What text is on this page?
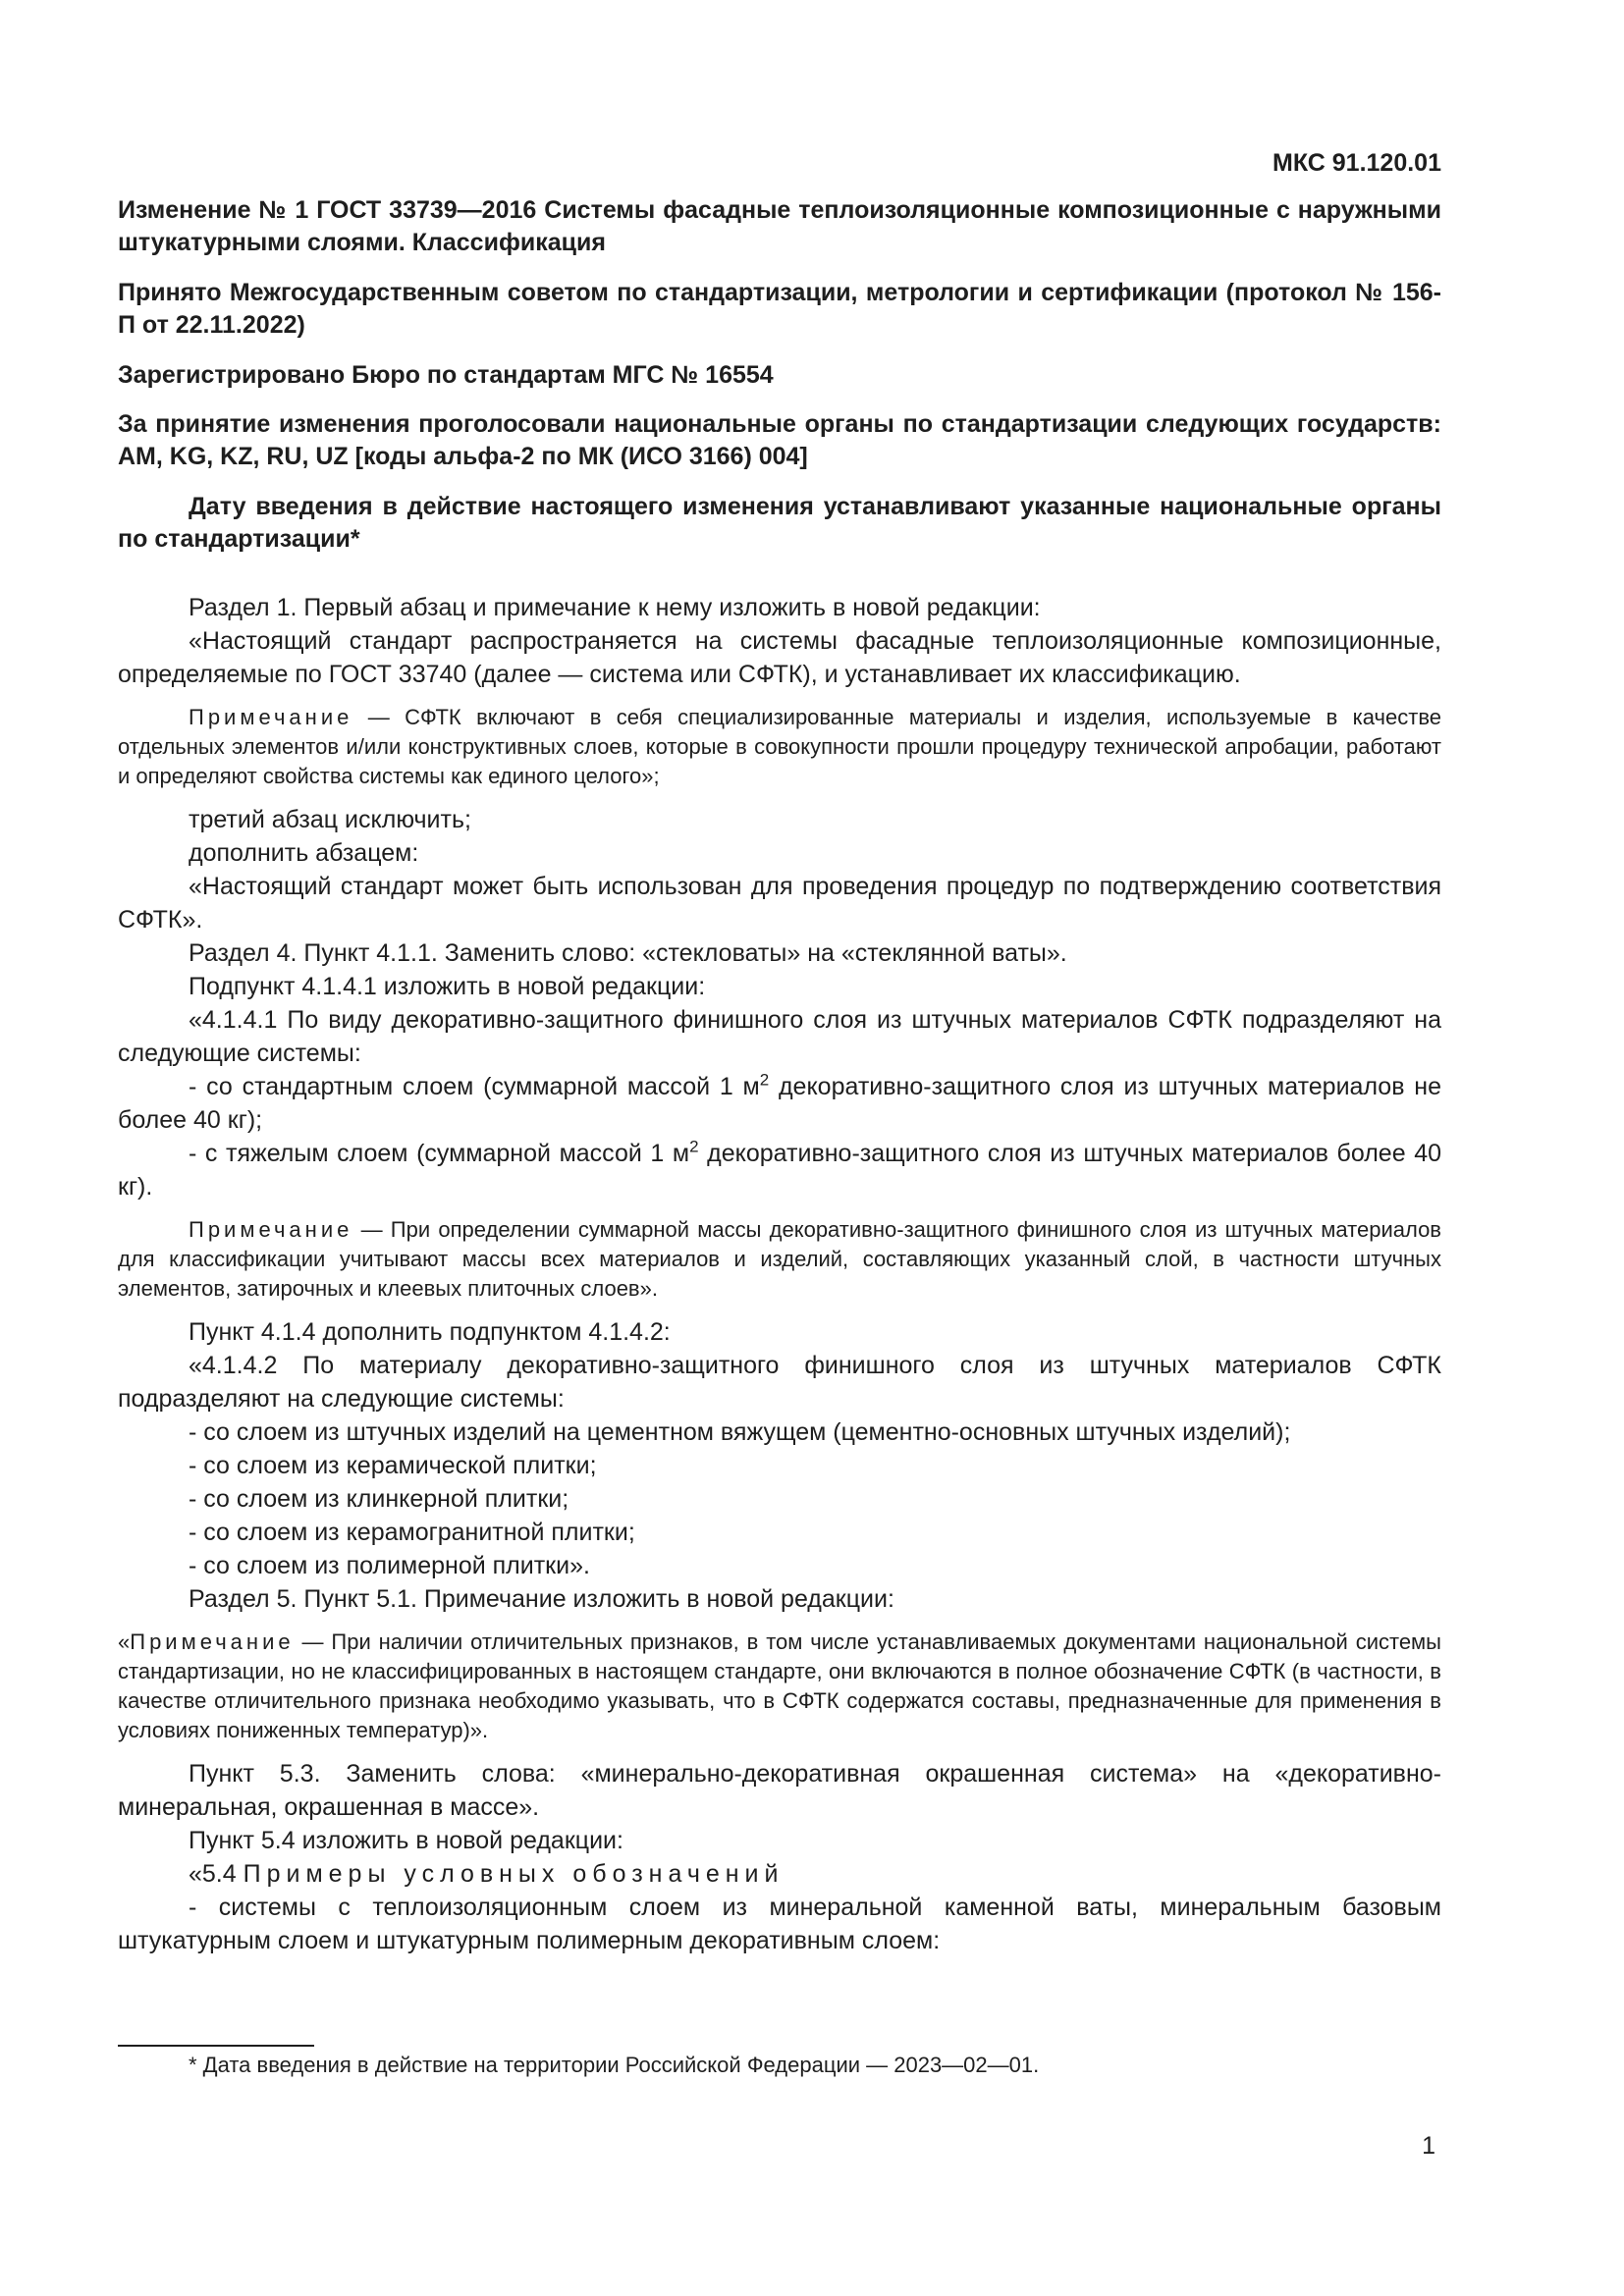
МКС 91.120.01
Изменение № 1 ГОСТ 33739—2016 Системы фасадные теплоизоляционные композиционные с наружными штукатурными слоями. Классификация
Принято Межгосударственным советом по стандартизации, метрологии и сертификации (протокол № 156-П от 22.11.2022)
Зарегистрировано Бюро по стандартам МГС № 16554
За принятие изменения проголосовали национальные органы по стандартизации следующих государств: AM, KG, KZ, RU, UZ [коды альфа-2 по МК (ИСО 3166) 004]
Дату введения в действие настоящего изменения устанавливают указанные национальные органы по стандартизации*

Раздел 1. Первый абзац и примечание к нему изложить в новой редакции:

«Настоящий стандарт распространяется на системы фасадные теплоизоляционные композиционные, определяемые по ГОСТ 33740 (далее — система или СФТК), и устанавливает их классификацию.

Примечание — СФТК включают в себя специализированные материалы и изделия, используемые в качестве отдельных элементов и/или конструктивных слоев, которые в совокупности прошли процедуру технической апробации, работают и определяют свойства системы как единого целого»;

третий абзац исключить;

дополнить абзацем:

«Настоящий стандарт может быть использован для проведения процедур по подтверждению соответствия СФТК».

Раздел 4. Пункт 4.1.1. Заменить слово: «стекловаты» на «стеклянной ваты».

Подпункт 4.1.4.1 изложить в новой редакции:

«4.1.4.1 По виду декоративно-защитного финишного слоя из штучных материалов СФТК подразделяют на следующие системы:

- со стандартным слоем (суммарной массой 1 $м^2$ декоративно-защитного слоя из штучных материалов не более 40 кг);

- с тяжелым слоем (суммарной массой 1 $м^2$ декоративно-защитного слоя из штучных материалов более 40 кг).

Примечание — При определении суммарной массы декоративно-защитного финишного слоя из штучных материалов для классификации учитывают массы всех материалов и изделий, составляющих указанный слой, в частности штучных элементов, затирочных и клеевых плиточных слоев».

Пункт 4.1.4 дополнить подпунктом 4.1.4.2:

«4.1.4.2 По материалу декоративно-защитного финишного слоя из штучных материалов СФТК подразделяют на следующие системы:

- со слоем из штучных изделий на цементном вяжущем (цементно-основных штучных изделий);

- со слоем из керамической плитки;

- со слоем из клинкерной плитки;

- со слоем из керамогранитной плитки;

- со слоем из полимерной плитки».

Раздел 5. Пункт 5.1. Примечание изложить в новой редакции:

«Примечание — При наличии отличительных признаков, в том числе устанавливаемых документами национальной системы стандартизации, но не классифицированных в настоящем стандарте, они включаются в полное обозначение СФТК (в частности, в качестве отличительного признака необходимо указывать, что в СФТК содержатся составы, предназначенные для применения в условиях пониженных температур)».

Пункт 5.3. Заменить слова: «минерально-декоративная окрашенная система» на «декоративно-минеральная, окрашенная в массе».

Пункт 5.4 изложить в новой редакции:

«5.4 Примеры условных обозначений

- системы с теплоизоляционным слоем из минеральной каменной ваты, минеральным базовым штукатурным слоем и штукатурным полимерным декоративным слоем:

* Дата введения в действие на территории Российской Федерации — 2023—02—01.
1
